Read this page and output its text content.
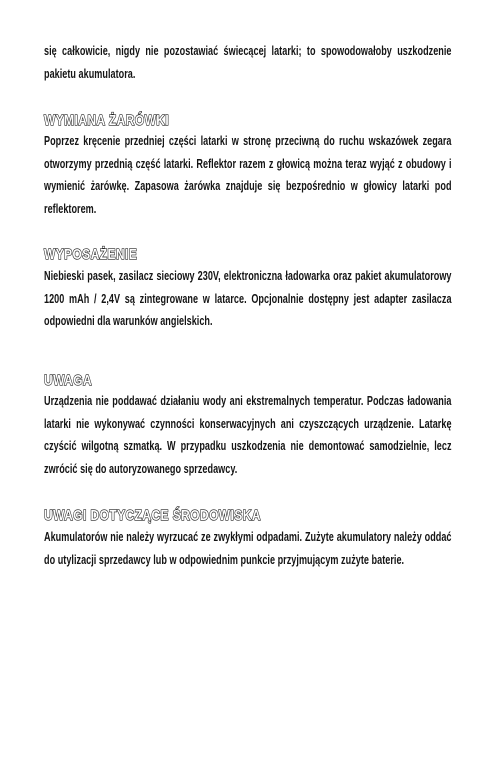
się całkowicie, nigdy nie pozostawiać świecącej latarki; to spowodowałoby uszkodzenie pakietu akumulatora.

WYMIANA ŻARÓWKI

Poprzez kręcenie przedniej części latarki w stronę przeciwną do ruchu wskazówek zegara otworzymy przednią część latarki. Reflektor razem z głowicą można teraz wyjąć z obudowy i wymienić żarówkę. Zapasowa żarówka znajduje się bezpośrednio w głowicy latarki pod reflektorem.

WYPOSAŻENIE

Niebieski pasek, zasilacz sieciowy 230V, elektroniczna ładowarka oraz pakiet akumulatorowy 1200 mAh / 2,4V są zintegrowane w latarce. Opcjonalnie dostępny jest adapter zasilacza odpowiedni dla warunków angielskich.

UWAGA

Urządzenia nie poddawać działaniu wody ani ekstremalnych temperatur. Podczas ładowania latarki nie wykonywać czynności konserwacyjnych ani czyszczących urządzenie. Latarkę czyścić wilgotną szmatką. W przypadku uszkodzenia nie demontować samodzielnie, lecz zwrócić się do autoryzowanego sprzedawcy.

UWAGI DOTYCZĄCE ŚRODOWISKA

Akumulatorów nie należy wyrzucać ze zwykłymi odpadami. Zużyte akumulatory należy oddać do utylizacji sprzedawcy lub w odpowiednim punkcie przyjmującym zużyte baterie.
